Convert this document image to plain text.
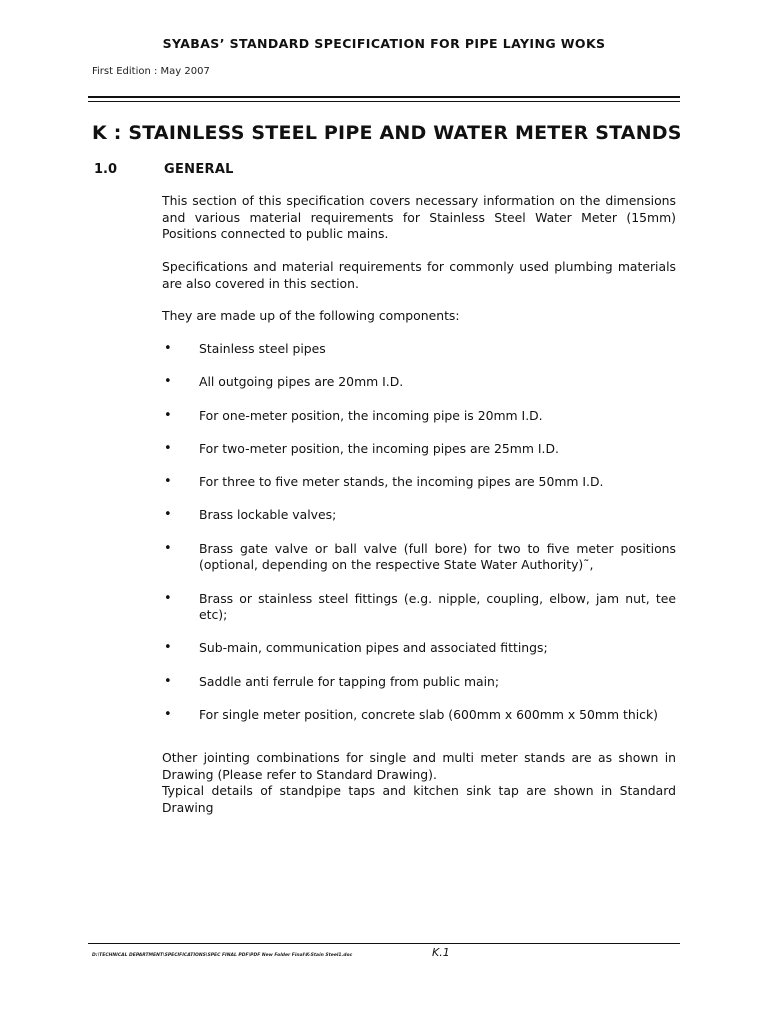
SYABAS’ STANDARD SPECIFICATION FOR PIPE LAYING WOKS
First Edition : May 2007
K : STAINLESS STEEL PIPE AND WATER METER STANDS
1.0	GENERAL
This section of this specification covers necessary information on the dimensions and various material requirements for Stainless Steel Water Meter (15mm) Positions connected to public mains.
Specifications and material requirements for commonly used plumbing materials are also covered in this section.
They are made up of the following components:
• Stainless steel pipes
• All outgoing pipes are 20mm I.D.
• For one-meter position, the incoming pipe is 20mm I.D.
• For two-meter position, the incoming pipes are 25mm I.D.
• For three to five meter stands, the incoming pipes are 50mm I.D.
• Brass lockable valves;
• Brass gate valve or ball valve (full bore) for two to five meter positions (optional, depending on the respective State Water Authority)˜,
• Brass or stainless steel fittings (e.g. nipple, coupling, elbow, jam nut, tee etc);
• Sub-main, communication pipes and associated fittings;
• Saddle anti ferrule for tapping from public main;
• For single meter position, concrete slab (600mm x 600mm x 50mm thick)
Other jointing combinations for single and multi meter stands are as shown in Drawing (Please refer to Standard Drawing).
Typical details of standpipe taps and kitchen sink tap are shown in Standard Drawing
D:\TECHNICAL DEPARTMENT\SPECIFICATIONS\SPEC FINAL PDF\PDF New Folder Final\K-Stain Steel1.doc	K.1
